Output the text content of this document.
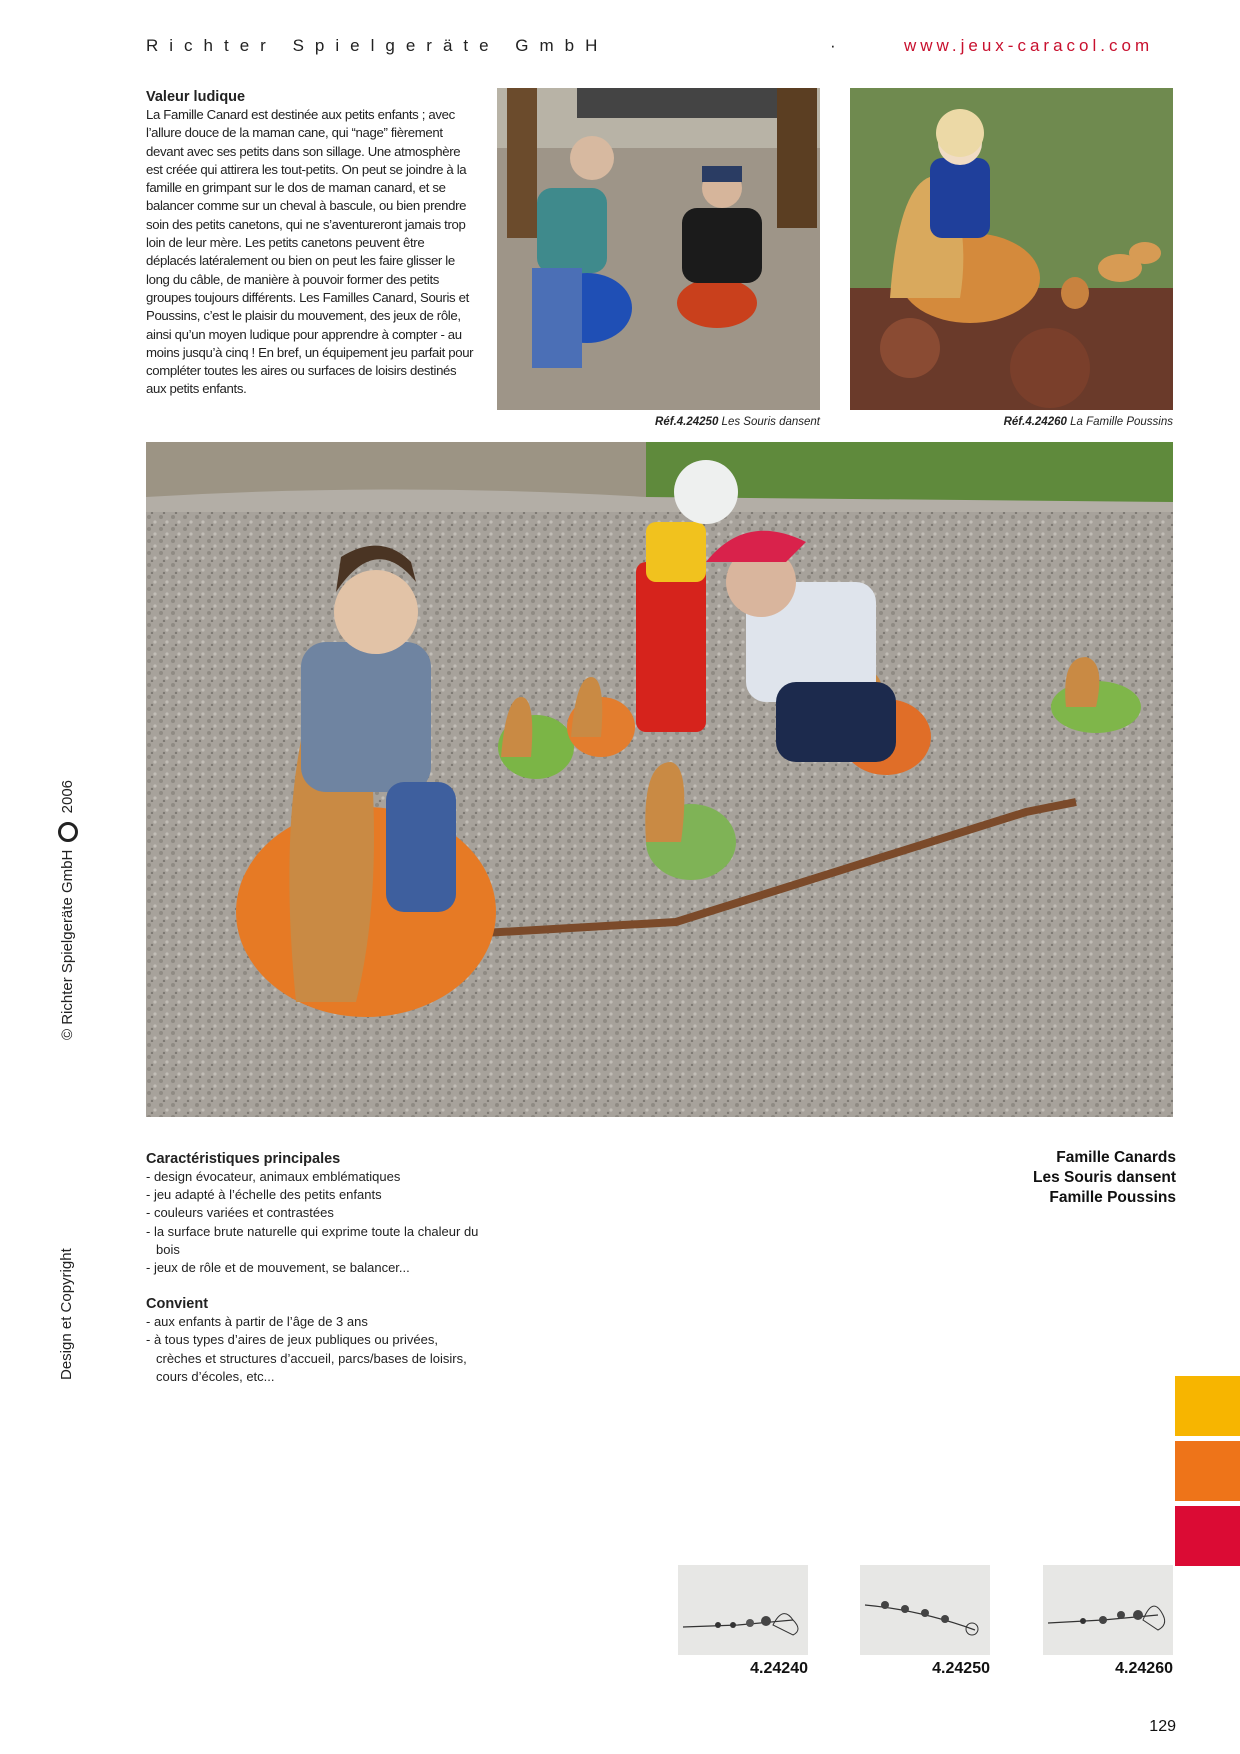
Richter Spielgeräte GmbH	·	www.jeux-caracol.com
Valeur ludique

La Famille Canard est destinée aux petits enfants ; avec l’allure douce de la maman cane, qui “nage” fièrement devant avec ses petits dans son sillage. Une atmosphère est créée qui attirera les tout-petits. On peut se joindre à la famille en grimpant sur le dos de maman canard, et se balancer comme sur un cheval à bascule, ou bien prendre soin des petits canetons, qui ne s’aventureront jamais trop loin de leur mère. Les petits canetons peuvent être déplacés latéralement ou bien on peut les faire glisser le long du câble, de manière à pouvoir former des petits groupes toujours différents. Les Familles Canard, Souris et Poussins, c’est le plaisir du mouvement, des jeux de rôle, ainsi qu’un moyen ludique pour apprendre à compter - au moins jusqu’à cinq ! En bref, un équipement jeu parfait pour compléter toutes les aires ou surfaces de loisirs destinés aux petits enfants.

Réf.4.24250 Les Souris dansent	Réf.4.24260 La Famille Poussins
© Richter Spielgeräte GmbH  2006
Design et Copyright
Caractéristiques principales
- design évocateur, animaux emblématiques
- jeu adapté à l’échelle des petits enfants
- couleurs variées et contrastées
- la surface brute naturelle qui exprime toute la chaleur du bois
- jeux de rôle et de mouvement, se balancer...
Convient
- aux enfants à partir de l’âge de 3 ans
- à tous types d’aires de jeux publiques ou privées, crèches et structures d’accueil, parcs/bases de loisirs, cours d’écoles, etc...
Famille Canards
Les Souris dansent
Famille Poussins
4.24240	4.24250	4.24260
129
